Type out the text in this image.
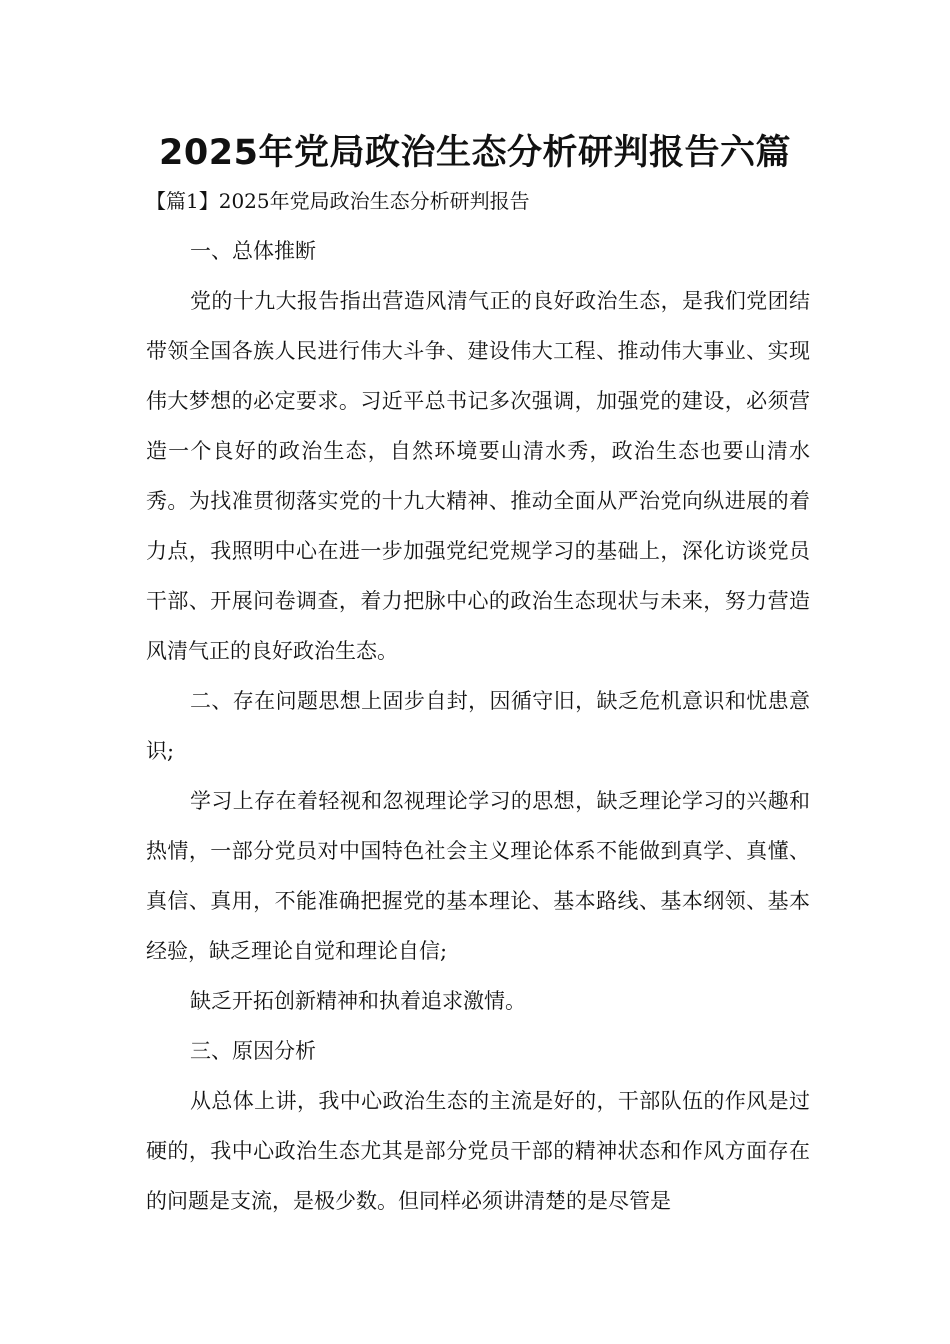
2025年党局政治生态分析研判报告六篇

【篇1】2025年党局政治生态分析研判报告

一、总体推断

党的十九大报告指出营造风清气正的良好政治生态，是我们党团结带领全国各族人民进行伟大斗争、建设伟大工程、推动伟大事业、实现伟大梦想的必定要求。习近平总书记多次强调，加强党的建设，必须营造一个良好的政治生态，自然环境要山清水秀，政治生态也要山清水秀。为找准贯彻落实党的十九大精神、推动全面从严治党向纵进展的着力点，我照明中心在进一步加强党纪党规学习的基础上，深化访谈党员干部、开展问卷调查，着力把脉中心的政治生态现状与未来，努力营造风清气正的良好政治生态。

二、存在问题思想上固步自封，因循守旧，缺乏危机意识和忧患意识;

学习上存在着轻视和忽视理论学习的思想，缺乏理论学习的兴趣和热情，一部分党员对中国特色社会主义理论体系不能做到真学、真懂、真信、真用，不能准确把握党的基本理论、基本路线、基本纲领、基本经验，缺乏理论自觉和理论自信;

缺乏开拓创新精神和执着追求激情。

三、原因分析

从总体上讲，我中心政治生态的主流是好的，干部队伍的作风是过硬的，我中心政治生态尤其是部分党员干部的精神状态和作风方面存在的问题是支流，是极少数。但同样必须讲清楚的是尽管是
